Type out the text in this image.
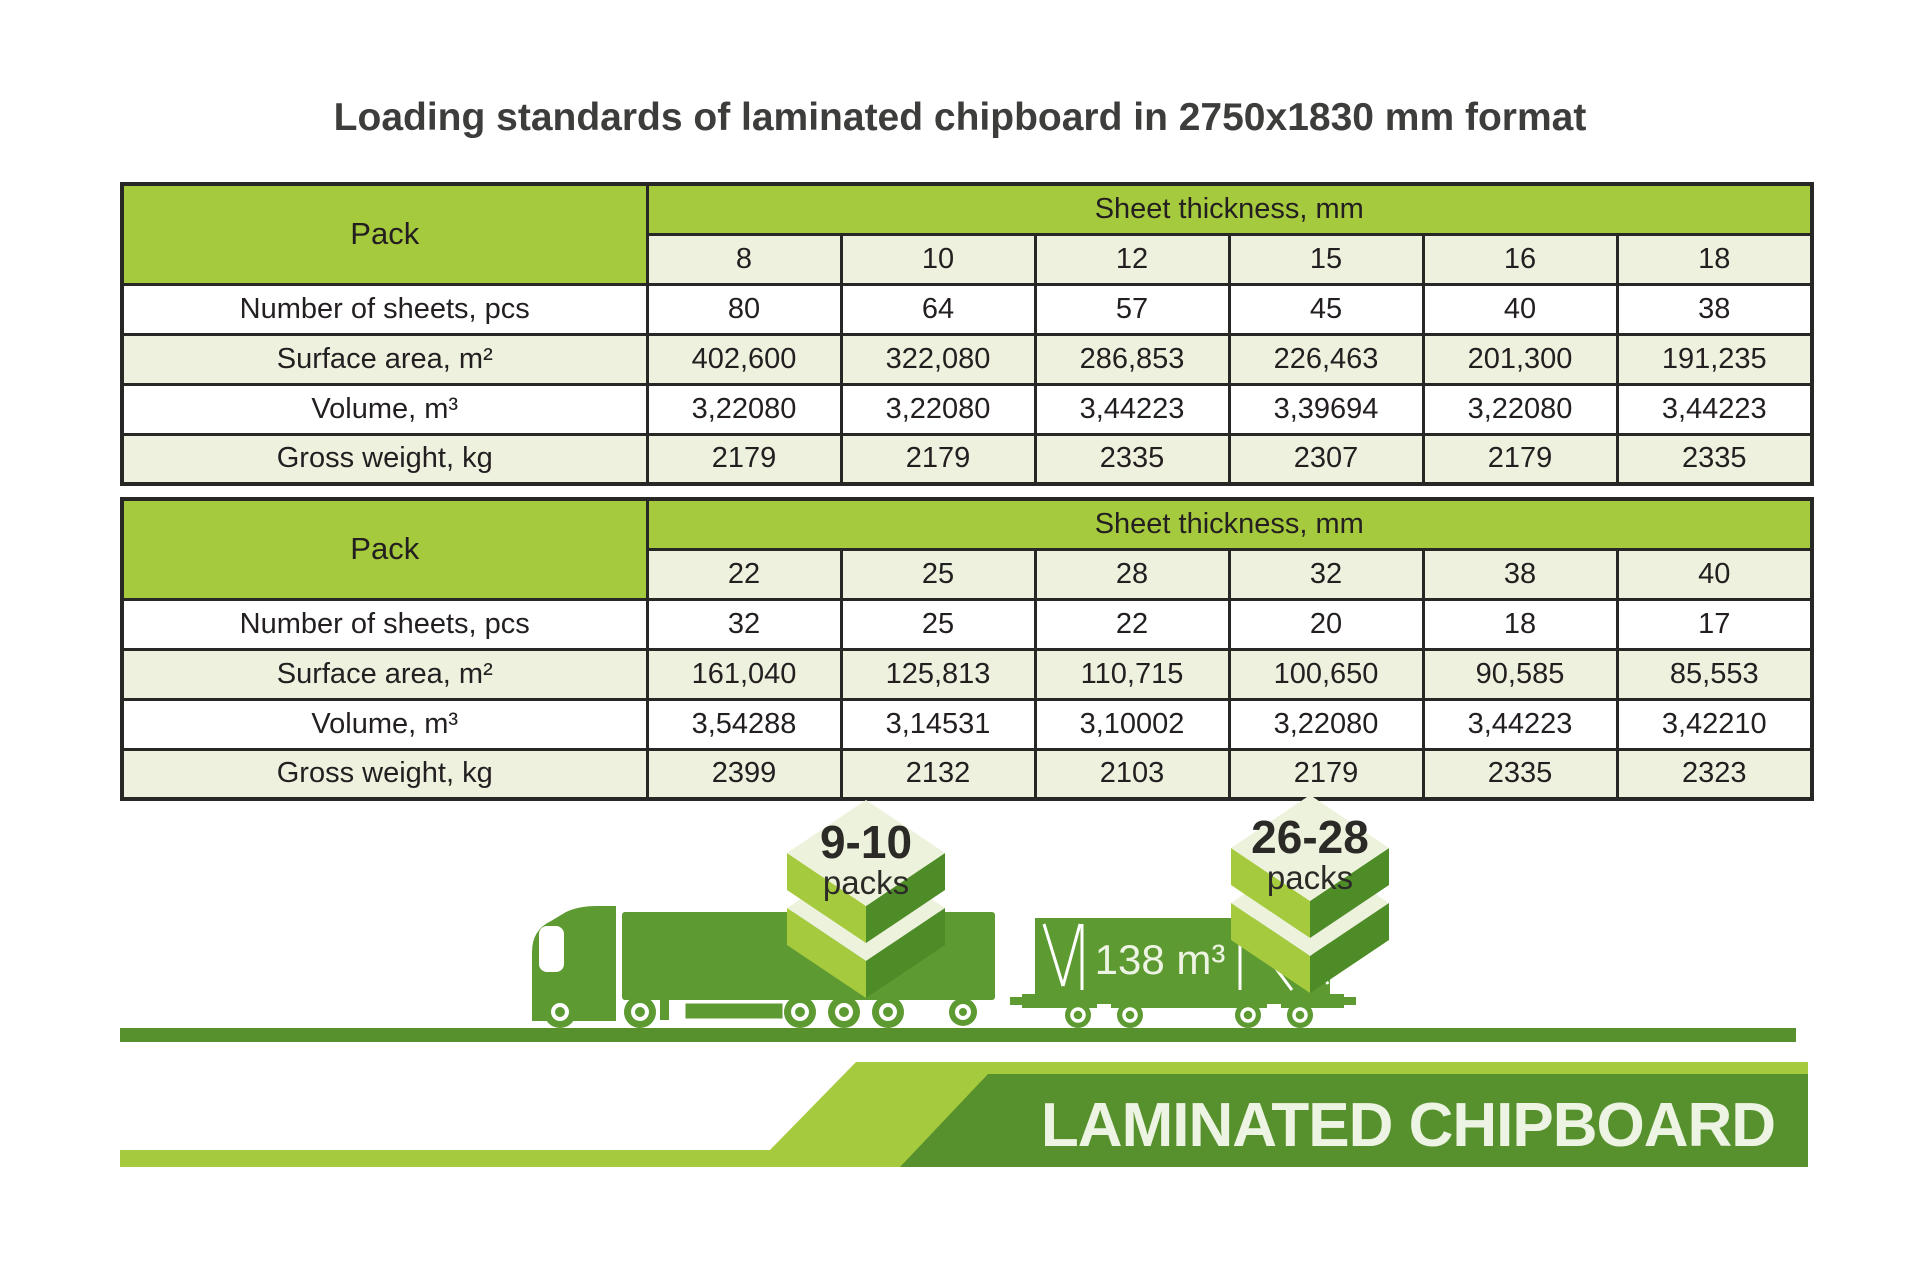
Loading standards of laminated chipboard in 2750x1830 mm format
Pack	Sheet thickness, mm					
	8	10	12	15	16	18
Number of sheets, pcs	80	64	57	45	40	38
Surface area, m²	402,600	322,080	286,853	226,463	201,300	191,235
Volume, m³	3,22080	3,22080	3,44223	3,39694	3,22080	3,44223
Gross weight, kg	2179	2179	2335	2307	2179	2335
Pack	Sheet thickness, mm					
	22	25	28	32	38	40
Number of sheets, pcs	32	25	22	20	18	17
Surface area, m²	161,040	125,813	110,715	100,650	90,585	85,553
Volume, m³	3,54288	3,14531	3,10002	3,22080	3,44223	3,42210
Gross weight, kg	2399	2132	2103	2179	2335	2323
138 m³
9-10
packs
26-28
packs
LAMINATED CHIPBOARD
